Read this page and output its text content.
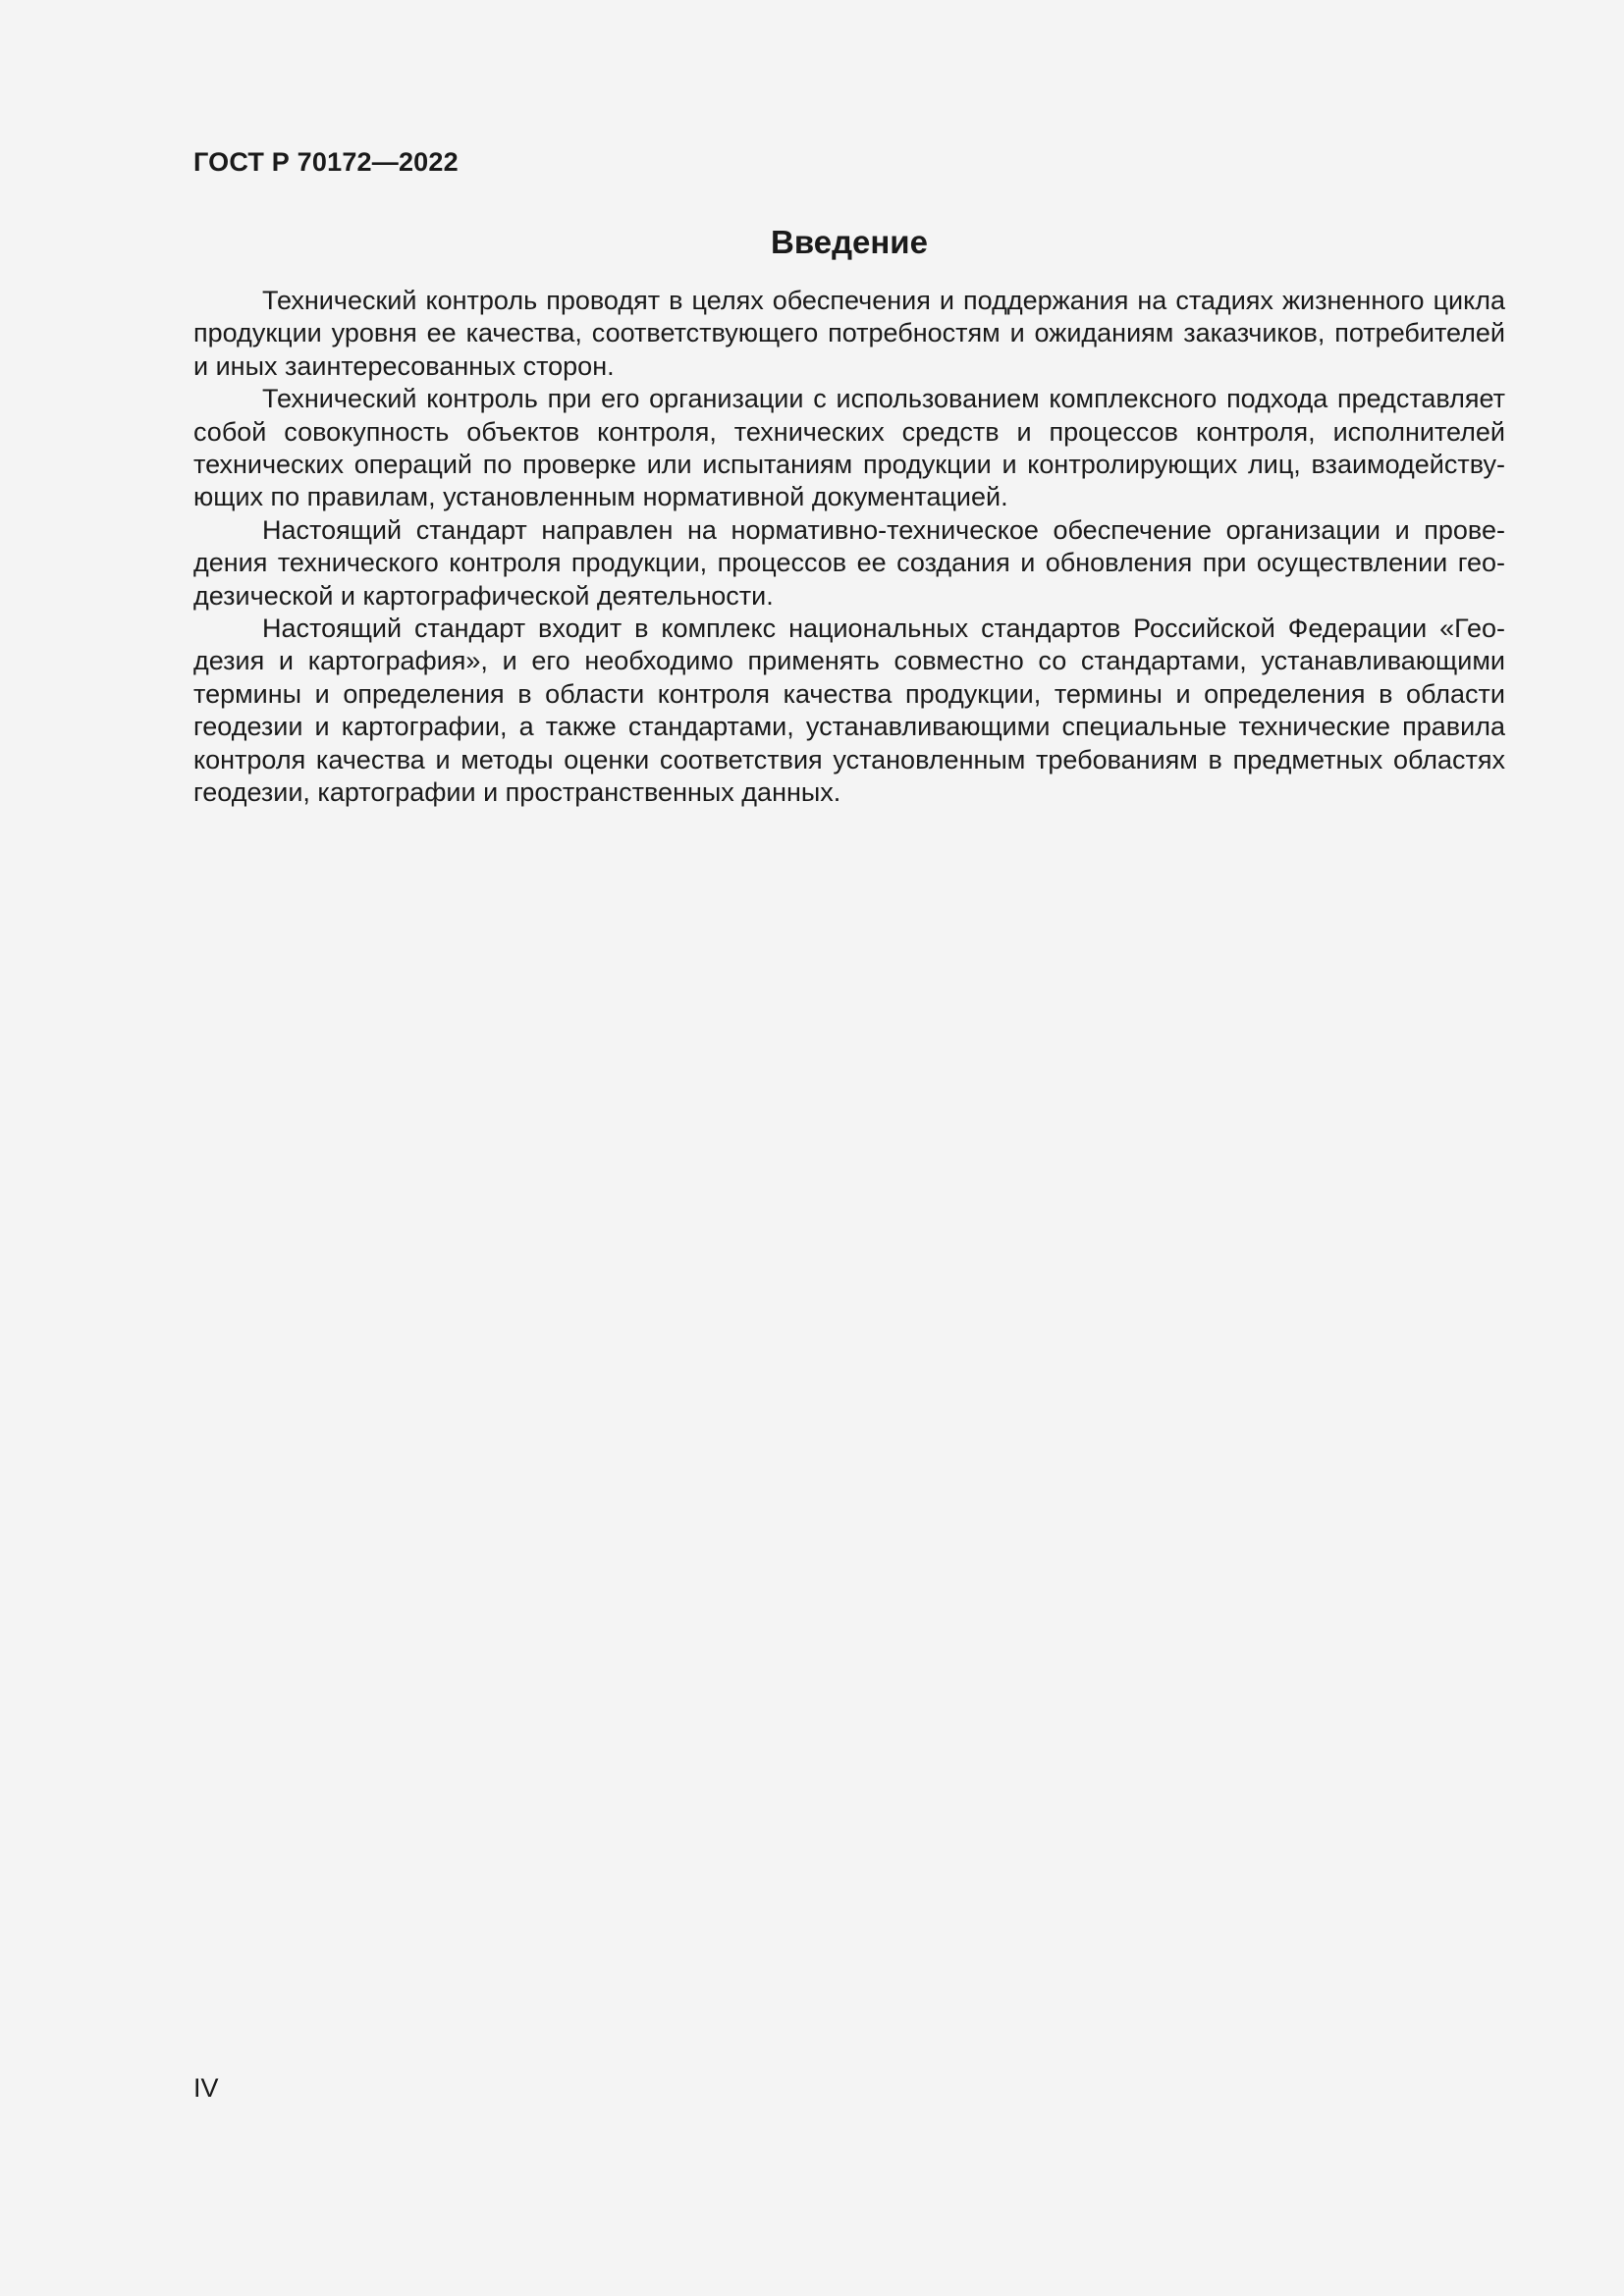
ГОСТ Р 70172—2022
Введение

Технический контроль проводят в целях обеспечения и поддержания на стадиях жизненного цикла продукции уровня ее качества, соответствующего потребностям и ожиданиям заказчиков, потребителей и иных заинтересованных сторон.

Технический контроль при его организации с использованием комплексного подхода представляет собой совокупность объектов контроля, технических средств и процессов контроля, исполнителей технических операций по проверке или испытаниям продукции и контролирующих лиц, взаимодействующих по правилам, установленным нормативной документацией.

Настоящий стандарт направлен на нормативно-техническое обеспечение организации и проведения технического контроля продукции, процессов ее создания и обновления при осуществлении геодезической и картографической деятельности.

Настоящий стандарт входит в комплекс национальных стандартов Российской Федерации «Геодезия и картография», и его необходимо применять совместно со стандартами, устанавливающими термины и определения в области контроля качества продукции, термины и определения в области геодезии и картографии, а также стандартами, устанавливающими специальные технические правила контроля качества и методы оценки соответствия установленным требованиям в предметных областях геодезии, картографии и пространственных данных.

IV
